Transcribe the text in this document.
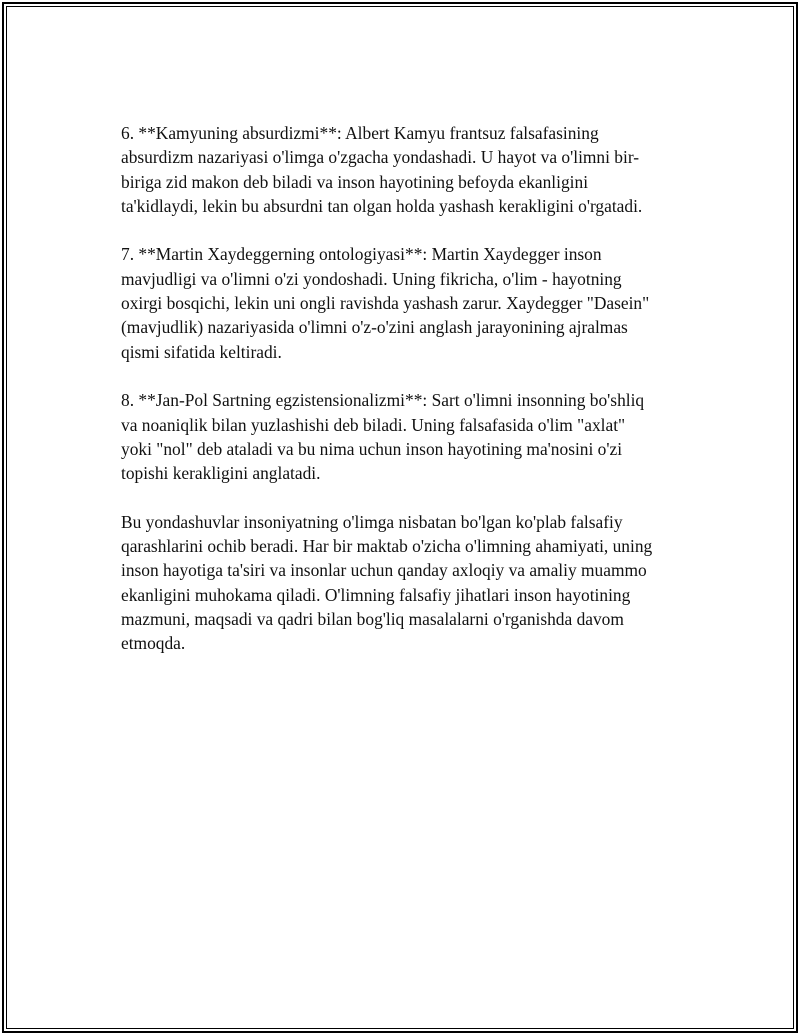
6. **Kamyuning absurdizmi**: Albert Kamyu frantsuz falsafasining
absurdizm nazariyasi o'limga o'zgacha yondashadi. U hayot va o'limni bir-
biriga zid makon deb biladi va inson hayotining befoyda ekanligini
ta'kidlaydi, lekin bu absurdni tan olgan holda yashash kerakligini o'rgatadi.

7. **Martin Xaydeggerning ontologiyasi**: Martin Xaydegger inson
mavjudligi va o'limni o'zi yondoshadi. Uning fikricha, o'lim - hayotning
oxirgi bosqichi, lekin uni ongli ravishda yashash zarur. Xaydegger "Dasein"
(mavjudlik) nazariyasida o'limni o'z-o'zini anglash jarayonining ajralmas
qismi sifatida keltiradi.

8. **Jan-Pol Sartning egzistensionalizmi**: Sart o'limni insonning bo'shliq
va noaniqlik bilan yuzlashishi deb biladi. Uning falsafasida o'lim "axlat"
yoki "nol" deb ataladi va bu nima uchun inson hayotining ma'nosini o'zi
topishi kerakligini anglatadi.

Bu yondashuvlar insoniyatning o'limga nisbatan bo'lgan ko'plab falsafiy
qarashlarini ochib beradi. Har bir maktab o'zicha o'limning ahamiyati, uning
inson hayotiga ta'siri va insonlar uchun qanday axloqiy va amaliy muammo
ekanligini muhokama qiladi. O'limning falsafiy jihatlari inson hayotining
mazmuni, maqsadi va qadri bilan bog'liq masalalarni o'rganishda davom
etmoqda.
